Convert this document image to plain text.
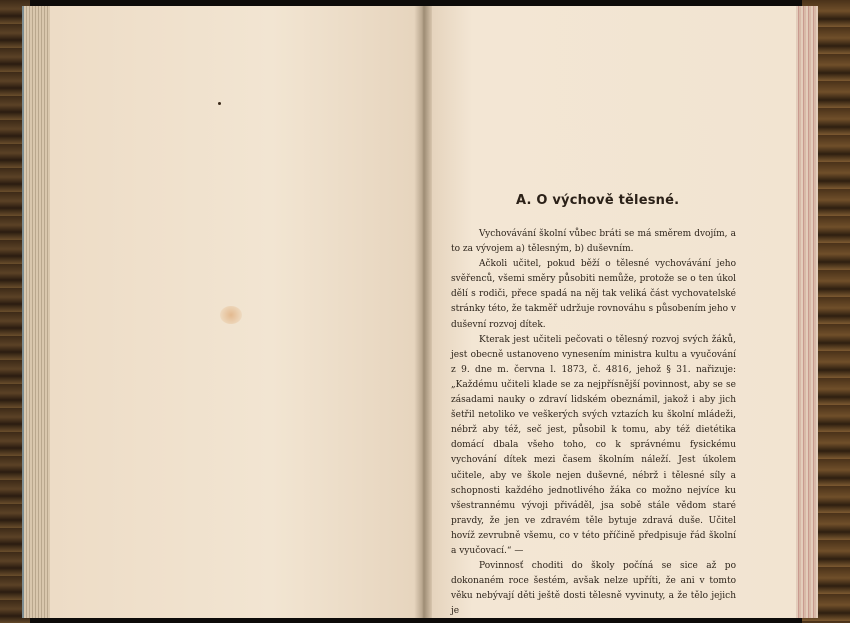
A. O výchově tělesné.

Vychovávání školní vůbec bráti se má směrem dvojím, a to za vývojem a) tělesným, b) duševním.

Ačkoli učitel, pokud běží o tělesné vychovávání jeho svěřenců, všemi směry působiti nemůže, protože se o ten úkol dělí s rodiči, přece spadá na něj tak veliká část vychovatelské stránky této, že takměř udržuje rovnováhu s působením jeho v duševní rozvoj dítek.

Kterak jest učiteli pečovati o tělesný rozvoj svých žáků, jest obecně ustanoveno vynesením ministra kultu a vyučování z 9. dne m. června l. 1873, č. 4816, jehož § 31. nařizuje: „Každému učiteli klade se za nejpřísnější povinnost, aby se se zásadami nauky o zdraví lidském obeznámil, jakož i aby jich šetřil netoliko ve veškerých svých vztazích ku školní mládeži, nébrž aby též, seč jest, působil k tomu, aby též dietétika domácí dbala všeho toho, co k správnému fysickému vychování dítek mezi časem školním náleží. Jest úkolem učitele, aby ve škole nejen duševné, nébrž i tělesné síly a schopnosti každého jednotlivého žáka co možno nejvíce ku všestrannému vývoji přiváděl, jsa sobě stále vědom staré pravdy, že jen ve zdravém těle bytuje zdravá duše. Učitel hovíž zevrubně všemu, co v této příčině předpisuje řád školní a vyučovací.“ —

Povinnosť choditi do školy počíná se sice až po dokonaném roce šestém, avšak nelze upříti, že ani v tomto věku nebývají děti ještě dosti tělesně vyvinuty, a že tělo jejich je
